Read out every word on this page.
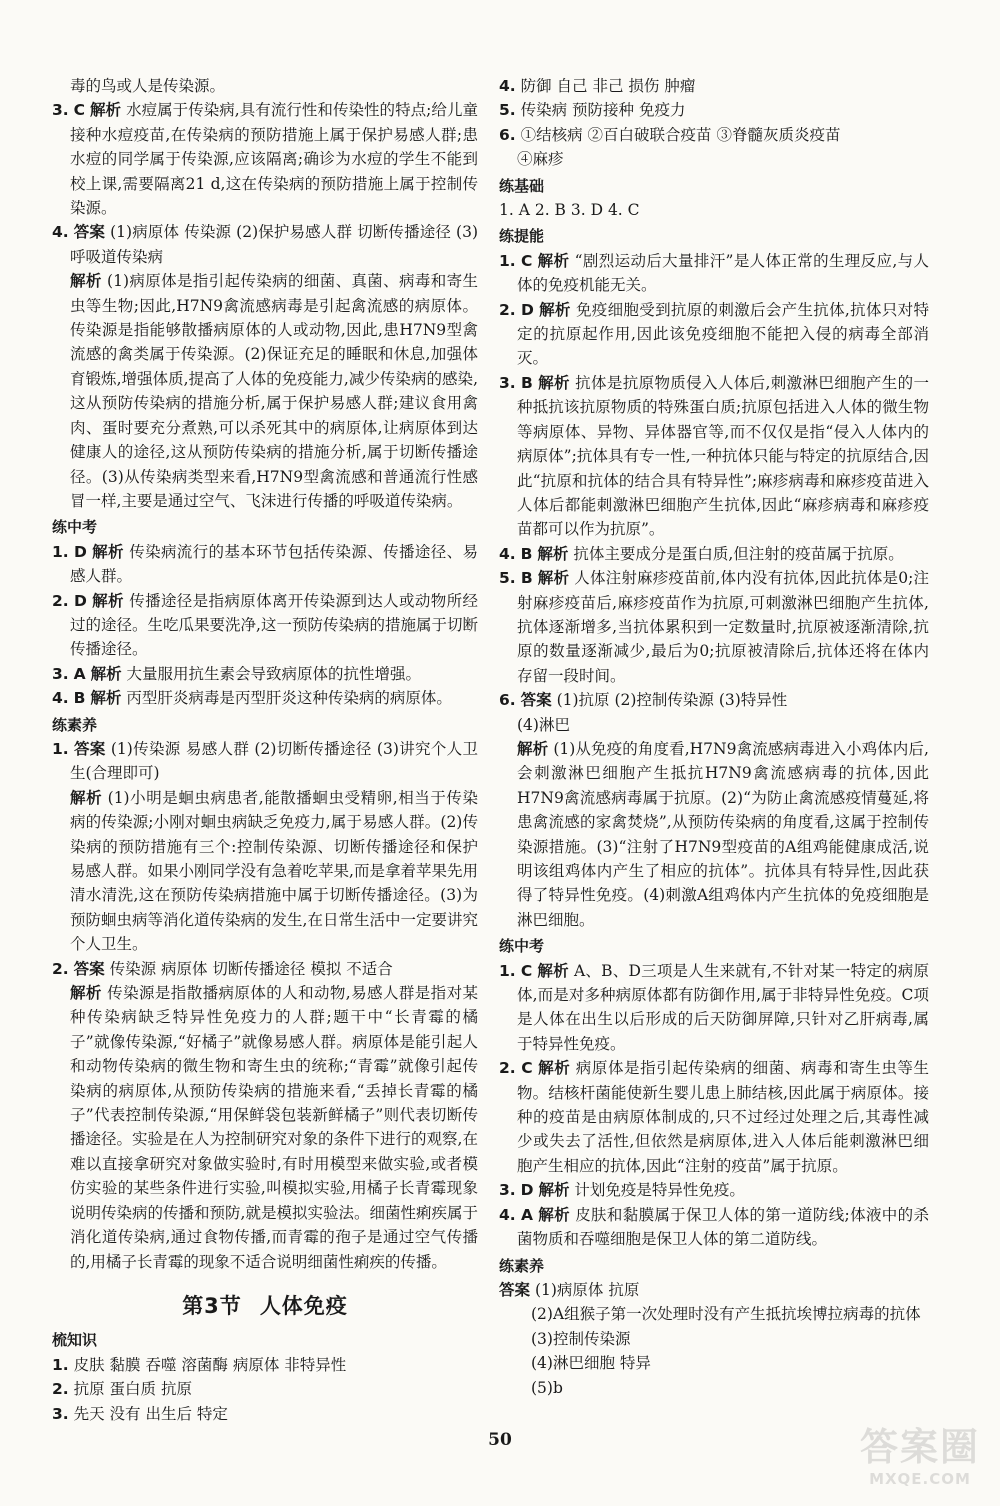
毒的鸟或人是传染源。

3. C 解析 水痘属于传染病,具有流行性和传染性的特点;给儿童接种水痘疫苗,在传染病的预防措施上属于保护易感人群;患水痘的同学属于传染源,应该隔离;确诊为水痘的学生不能到校上课,需要隔离21 d,这在传染病的预防措施上属于控制传染源。

4. 答案 (1)病原体 传染源 (2)保护易感人群 切断传播途径 (3)呼吸道传染病

解析 (1)病原体是指引起传染病的细菌、真菌、病毒和寄生虫等生物;因此,H7N9禽流感病毒是引起禽流感的病原体。传染源是指能够散播病原体的人或动物,因此,患H7N9型禽流感的禽类属于传染源。(2)保证充足的睡眠和休息,加强体育锻炼,增强体质,提高了人体的免疫能力,减少传染病的感染,这从预防传染病的措施分析,属于保护易感人群;建议食用禽肉、蛋时要充分煮熟,可以杀死其中的病原体,让病原体到达健康人的途径,这从预防传染病的措施分析,属于切断传播途径。(3)从传染病类型来看,H7N9型禽流感和普通流行性感冒一样,主要是通过空气、飞沫进行传播的呼吸道传染病。

练中考

1. D 解析 传染病流行的基本环节包括传染源、传播途径、易感人群。

2. D 解析 传播途径是指病原体离开传染源到达人或动物所经过的途径。生吃瓜果要洗净,这一预防传染病的措施属于切断传播途径。

3. A 解析 大量服用抗生素会导致病原体的抗性增强。

4. B 解析 丙型肝炎病毒是丙型肝炎这种传染病的病原体。

练素养

1. 答案 (1)传染源 易感人群 (2)切断传播途径 (3)讲究个人卫生(合理即可)

解析 (1)小明是蛔虫病患者,能散播蛔虫受精卵,相当于传染病的传染源;小刚对蛔虫病缺乏免疫力,属于易感人群。(2)传染病的预防措施有三个:控制传染源、切断传播途径和保护易感人群。如果小刚同学没有急着吃苹果,而是拿着苹果先用清水清洗,这在预防传染病措施中属于切断传播途径。(3)为预防蛔虫病等消化道传染病的发生,在日常生活中一定要讲究个人卫生。

2. 答案 传染源 病原体 切断传播途径 模拟 不适合

解析 传染源是指散播病原体的人和动物,易感人群是指对某种传染病缺乏特异性免疫力的人群;题干中“长青霉的橘子”就像传染源,“好橘子”就像易感人群。病原体是能引起人和动物传染病的微生物和寄生虫的统称;“青霉”就像引起传染病的病原体,从预防传染病的措施来看,“丢掉长青霉的橘子”代表控制传染源,“用保鲜袋包装新鲜橘子”则代表切断传播途径。实验是在人为控制研究对象的条件下进行的观察,在难以直接拿研究对象做实验时,有时用模型来做实验,或者模仿实验的某些条件进行实验,叫模拟实验,用橘子长青霉现象说明传染病的传播和预防,就是模拟实验法。细菌性痢疾属于消化道传染病,通过食物传播,而青霉的孢子是通过空气传播的,用橘子长青霉的现象不适合说明细菌性痢疾的传播。

第3节 人体免疫
梳知识

1. 皮肤 黏膜 吞噬 溶菌酶 病原体 非特异性

2. 抗原 蛋白质 抗原

3. 先天 没有 出生后 特定

4. 防御 自己 非己 损伤 肿瘤

5. 传染病 预防接种 免疫力

6. ①结核病 ②百白破联合疫苗 ③脊髓灰质炎疫苗

④麻疹

练基础

1. A 2. B 3. D 4. C

练提能

1. C 解析 “剧烈运动后大量排汗”是人体正常的生理反应,与人体的免疫机能无关。

2. D 解析 免疫细胞受到抗原的刺激后会产生抗体,抗体只对特定的抗原起作用,因此该免疫细胞不能把入侵的病毒全部消灭。

3. B 解析 抗体是抗原物质侵入人体后,刺激淋巴细胞产生的一种抵抗该抗原物质的特殊蛋白质;抗原包括进入人体的微生物等病原体、异物、异体器官等,而不仅仅是指“侵入人体内的病原体”;抗体具有专一性,一种抗体只能与特定的抗原结合,因此“抗原和抗体的结合具有特异性”;麻疹病毒和麻疹疫苗进入人体后都能刺激淋巴细胞产生抗体,因此“麻疹病毒和麻疹疫苗都可以作为抗原”。

4. B 解析 抗体主要成分是蛋白质,但注射的疫苗属于抗原。

5. B 解析 人体注射麻疹疫苗前,体内没有抗体,因此抗体是0;注射麻疹疫苗后,麻疹疫苗作为抗原,可刺激淋巴细胞产生抗体,抗体逐渐增多,当抗体累积到一定数量时,抗原被逐渐清除,抗原的数量逐渐减少,最后为0;抗原被清除后,抗体还将在体内存留一段时间。

6. 答案 (1)抗原 (2)控制传染源 (3)特异性

(4)淋巴

解析 (1)从免疫的角度看,H7N9禽流感病毒进入小鸡体内后,会刺激淋巴细胞产生抵抗H7N9禽流感病毒的抗体,因此H7N9禽流感病毒属于抗原。(2)“为防止禽流感疫情蔓延,将患禽流感的家禽焚烧”,从预防传染病的角度看,这属于控制传染源措施。(3)“注射了H7N9型疫苗的A组鸡能健康成活,说明该组鸡体内产生了相应的抗体”。抗体具有特异性,因此获得了特异性免疫。(4)刺激A组鸡体内产生抗体的免疫细胞是淋巴细胞。

练中考

1. C 解析 A、B、D三项是人生来就有,不针对某一特定的病原体,而是对多种病原体都有防御作用,属于非特异性免疫。C项是人体在出生以后形成的后天防御屏障,只针对乙肝病毒,属于特异性免疫。

2. C 解析 病原体是指引起传染病的细菌、病毒和寄生虫等生物。结核杆菌能使新生婴儿患上肺结核,因此属于病原体。接种的疫苗是由病原体制成的,只不过经过处理之后,其毒性减少或失去了活性,但依然是病原体,进入人体后能刺激淋巴细胞产生相应的抗体,因此“注射的疫苗”属于抗原。

3. D 解析 计划免疫是特异性免疫。

4. A 解析 皮肤和黏膜属于保卫人体的第一道防线;体液中的杀菌物质和吞噬细胞是保卫人体的第二道防线。

练素养

答案 (1)病原体 抗原

(2)A组猴子第一次处理时没有产生抵抗埃博拉病毒的抗体

(3)控制传染源

(4)淋巴细胞 特异

(5)b

50	答案圈
MXQE.COM
